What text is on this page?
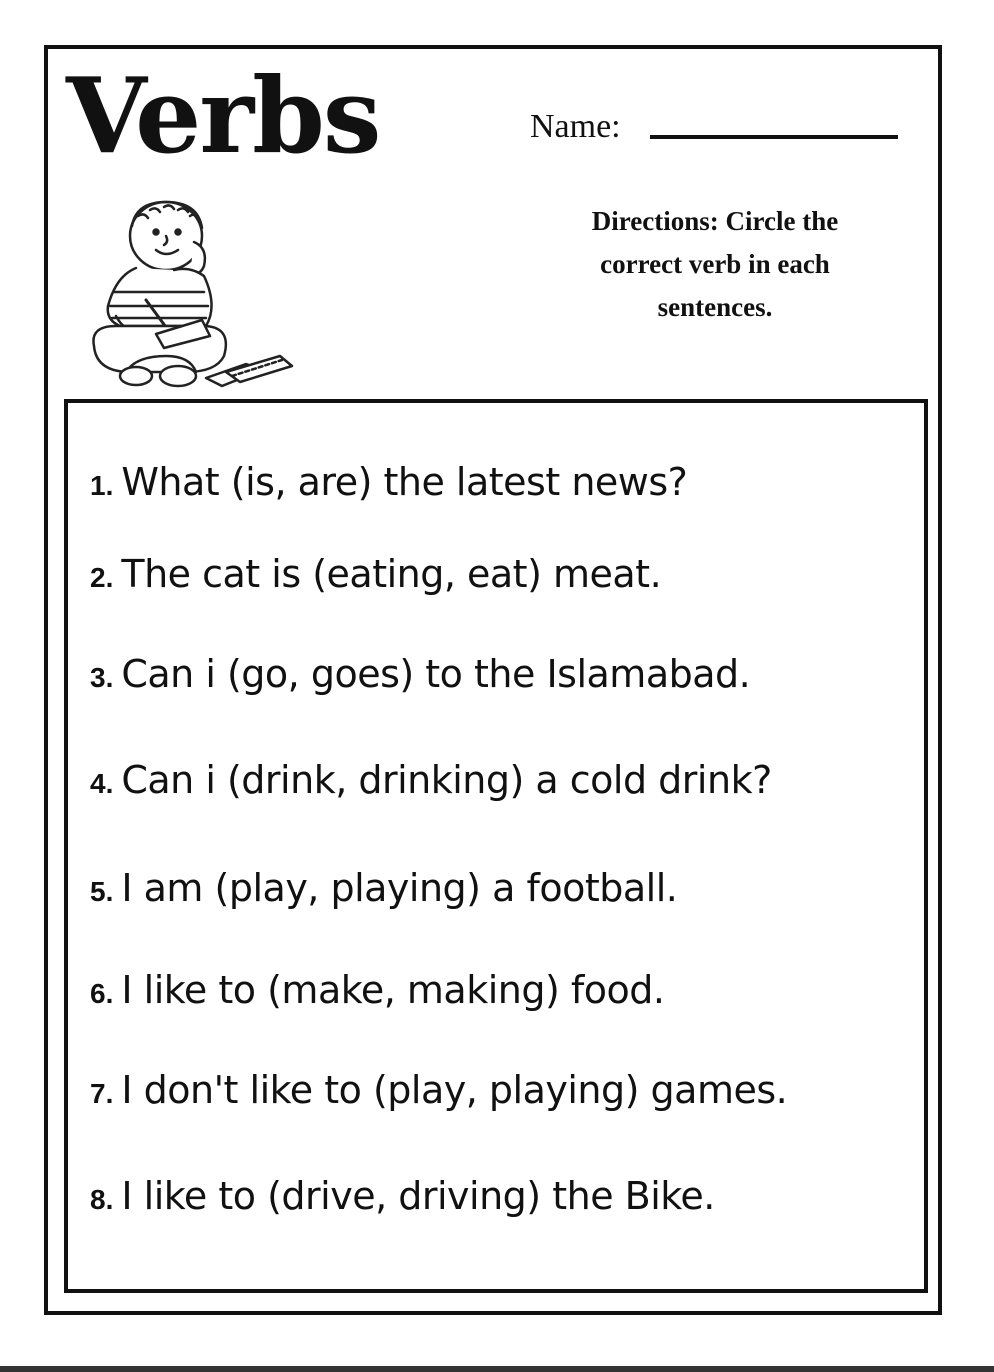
Verbs	Name:
Directions: Circle the correct verb in each sentences.
1. What (is, are) the latest news?
2. The cat is (eating, eat) meat.
3. Can i (go, goes) to the Islamabad.
4. Can i (drink, drinking) a cold drink?
5. I am (play, playing) a football.
6. I like to (make, making) food.
7.I don't like to (play, playing) games.
8. I like to (drive, driving) the Bike.
